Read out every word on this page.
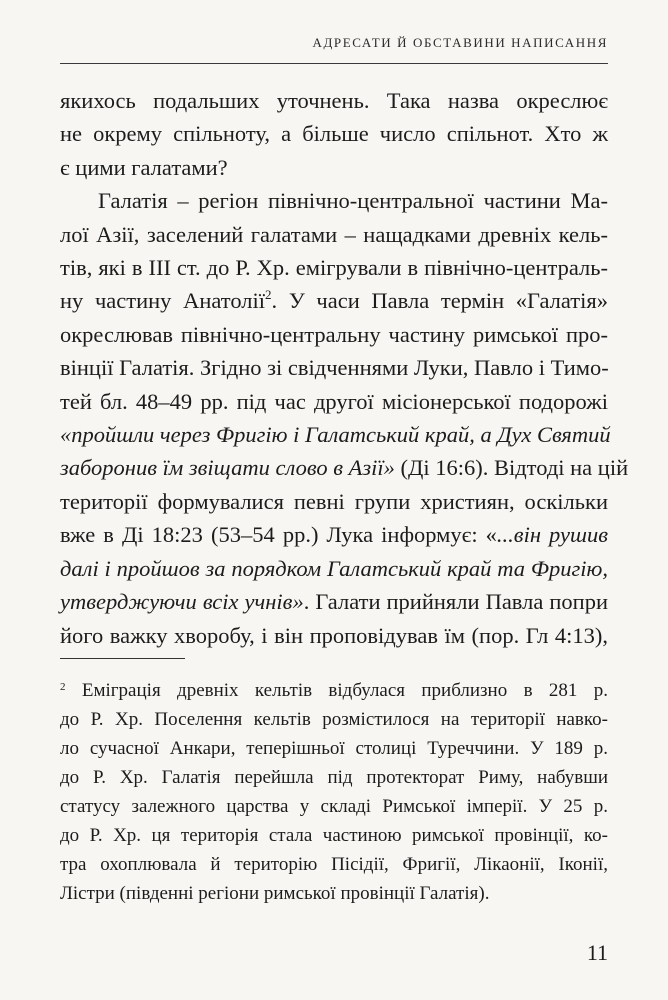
АДРЕСАТИ Й ОБСТАВИНИ НАПИСАННЯ
якихось подальших уточнень. Така назва окреслює
не окрему спільноту, а більше число спільнот. Хто ж
є цими галатами?
Галатія – регіон північно-центральної частини Ма-
лої Азії, заселений галатами – нащадками древніх кель-
тів, які в III ст. до Р. Хр. емігрували в північно-централь-
ну частину Анатолії$^2$. У часи Павла термін «Галатія»
окреслював північно-центральну частину римської про-
вінції Галатія. Згідно зі свідченнями Луки, Павло і Тимо-
тей бл. 48–49 рр. під час другої місіонерської подорожі
«пройшли через Фригію і Галатський край, а Дух Святий
заборонив їм звіщати слово в Азії» (Ді 16:6). Відтоді на цій
території формувалися певні групи християн, оскільки
вже в Ді 18:23 (53–54 рр.) Лука інформує: «...він рушив
далі і пройшов за порядком Галатський край та Фригію,
утверджуючи всіх учнів». Галати прийняли Павла попри
його важку хворобу, і він проповідував їм (пор. Гл 4:13),
$^2$ Еміграція древніх кельтів відбулася приблизно в 281 р.
до Р. Хр. Поселення кельтів розмістилося на території навко-
ло сучасної Анкари, теперішньої столиці Туреччини. У 189 р.
до Р. Хр. Галатія перейшла під протекторат Риму, набувши
статусу залежного царства у складі Римської імперії. У 25 р.
до Р. Хр. ця територія стала частиною римської провінції, ко-
тра охоплювала й територію Пісідії, Фригії, Лікаонії, Іконії,
Лістри (південні регіони римської провінції Галатія).
11
